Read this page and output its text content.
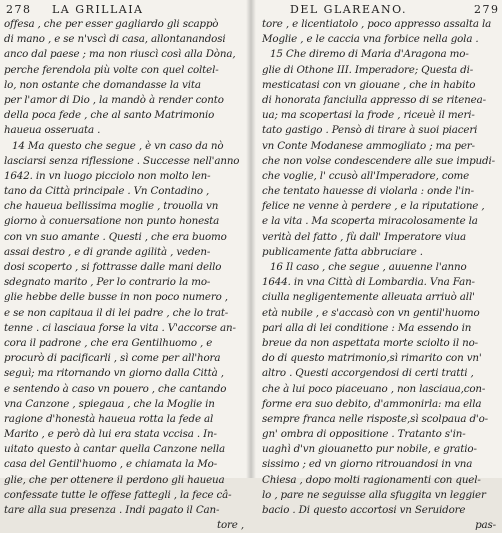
278 LA GRILLAIA
offesa , che per esser gagliardo gli scappò
di mano , e se n'vscì di casa, allontanandosi
anco dal paese ; ma non riuscì così alla Dòna,
perche ferendola più volte con quel coltel-
lo, non ostante che domandasse la vita
per l'amor di Dio , la mandò à render conto
della poca fede , che al santo Matrimonio
haueua osseruata .
14 Ma questo che segue , è vn caso da nò
lasciarsi senza riflessione . Successe nell'anno
1642. in vn luogo picciolo non molto len-
tano da Città principale . Vn Contadino ,
che haueua bellissima moglie , trouolla vn
giorno à conuersatione non punto honesta
con vn suo amante . Questi , che era buomo
assai destro , e di grande agilità , veden-
dosi scoperto , si fottrasse dalle mani dello
sdegnato marito , Per lo contrario la mo-
glie hebbe delle busse in non poco numero ,
e se non capitaua il di lei padre , che lo trat-
tenne . ci lasciaua forse la vita . V'accorse an-
cora il padrone , che era Gentilhuomo , e
procurò di pacificarli , sì come per all'hora
seguì; ma ritornando vn giorno dalla Città ,
e sentendo à caso vn pouero , che cantando
vna Canzone , spiegaua , che la Moglie in
ragione d'honestà haueua rotta la fede al
Marito , e però dà lui era stata vccisa . In-
uitato questo à cantar quella Canzone nella
casa del Gentil'huomo , e chiamata la Mo-
glie, che per ottenere il perdono gli haueua
confessate tutte le offese fattegli , la fece câ-
tare alla sua presenza . Indi pagato il Can-
tore ,
DEL GLAREANO.	279
tore , e licentiatolo , poco appresso assalta la
Moglie , e le caccia vna forbice nella gola .
15 Che diremo di Maria d'Aragona mo-
glie di Othone III. Imperadore; Questa di-
mesticatasi con vn giouane , che in habito
di honorata fanciulla appresso di se ritenea-
ua; ma scopertasi la frode , riceuè il meri-
tato gastigo . Pensò di tirare à suoi piaceri
vn Conte Modanese ammogliato ; ma per-
che non volse condescendere alle sue impudi-
che voglie, l' ccusò all'Imperadore, come
che tentato hauesse di violarla : onde l'in-
felice ne venne à perdere , e la riputatione ,
e la vita . Ma scoperta miracolosamente la
verità del fatto , fù dall' Imperatore viua
publicamente fatta abbruciare .
16 Il caso , che segue , auuenne l'anno
1644. in vna Città di Lombardia. Vna Fan-
ciulla negligentemente alleuata arriuò all'
età nubile , e s'accasò con vn gentil'huomo
pari alla di lei conditione : Ma essendo in
breue da non aspettata morte sciolto il no-
do di questo matrimonio,sì rimarito con vn'
altro . Questi accorgendosi di certi tratti ,
che à lui poco piaceuano , non lasciaua,con-
forme era suo debito, d'ammonirla: ma ella
sempre franca nelle risposte,sì scolpaua d'o-
gn' ombra di oppositione . Tratanto s'in-
uaghì d'vn giouanetto pur nobile, e gratio-
sissimo ; ed vn giorno ritrouandosi in vna
Chiesa , dopo molti ragionamenti con quel-
lo , pare ne seguisse alla sfuggita vn leggier
bacio . Di questo accortosi vn Seruidore
pas-
